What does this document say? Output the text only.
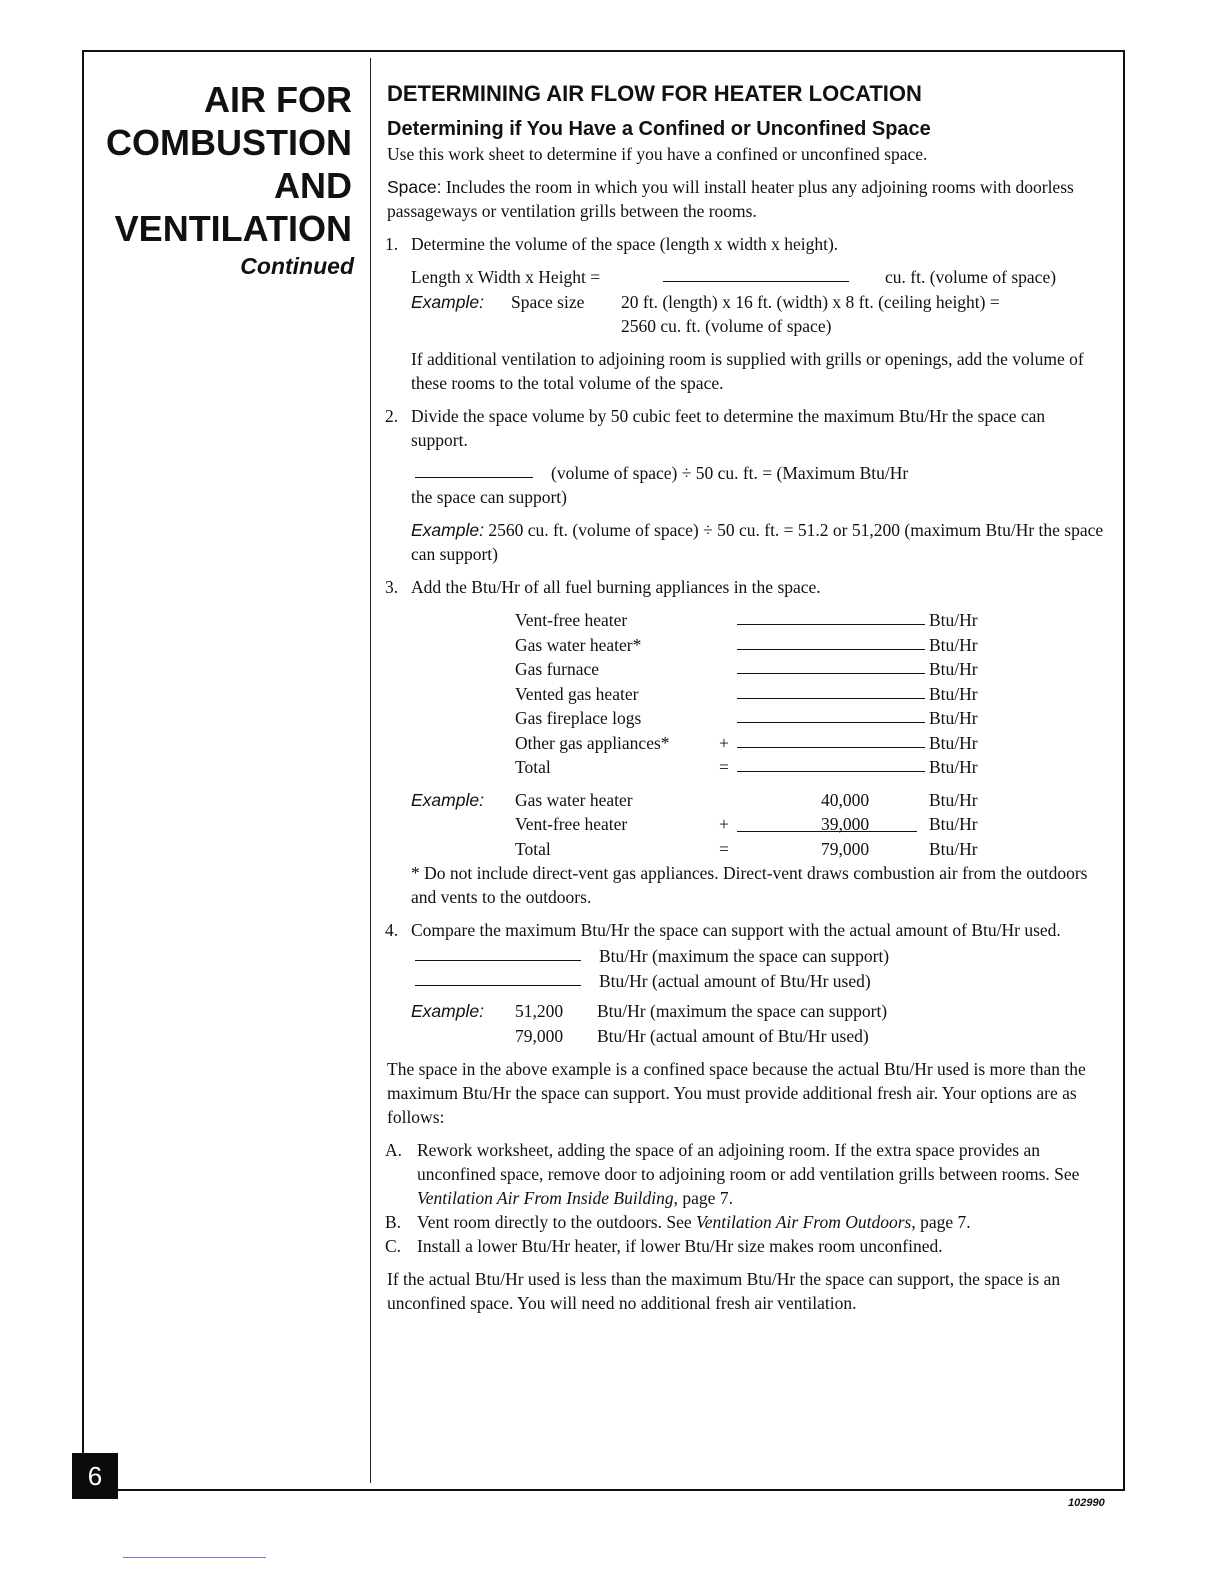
AIR FOR
COMBUSTION
AND
VENTILATION
Continued
DETERMINING AIR FLOW FOR HEATER LOCATION
Determining if You Have a Confined or Unconfined Space

Use this work sheet to determine if you have a confined or unconfined space.

Space: Includes the room in which you will install heater plus any adjoining rooms with doorless passageways or ventilation grills between the rooms.

1. Determine the volume of the space (length x width x height).

Length x Width x Height =	cu. ft. (volume of space)
Example: Space size 20 ft. (length) x 16 ft. (width) x 8 ft. (ceiling height) =
2560 cu. ft. (volume of space)

If additional ventilation to adjoining room is supplied with grills or openings, add the volume of these rooms to the total volume of the space.

2. Divide the space volume by 50 cubic feet to determine the maximum Btu/Hr the space can support.

(volume of space) ÷ 50 cu. ft. = (Maximum Btu/Hr

the space can support)

Example: 2560 cu. ft. (volume of space) ÷ 50 cu. ft. = 51.2 or 51,200 (maximum Btu/Hr the space can support)

3. Add the Btu/Hr of all fuel burning appliances in the space.

Vent-free heater	Btu/Hr
Gas water heater*	Btu/Hr
Gas furnace	Btu/Hr
Vented gas heater	Btu/Hr
Gas fireplace logs	Btu/Hr
Other gas appliances*	+	Btu/Hr
Total	=	Btu/Hr
Example: Gas water heater	40,000	Btu/Hr
Vent-free heater	+	39,000	Btu/Hr
Total	=	79,000	Btu/Hr

* Do not include direct-vent gas appliances. Direct-vent draws combustion air from the outdoors and vents to the outdoors.

4. Compare the maximum Btu/Hr the space can support with the actual amount of Btu/Hr used.

Btu/Hr (maximum the space can support)
Btu/Hr (actual amount of Btu/Hr used)
Example: 51,200 Btu/Hr (maximum the space can support)
79,000 Btu/Hr (actual amount of Btu/Hr used)

The space in the above example is a confined space because the actual Btu/Hr used is more than the maximum Btu/Hr the space can support. You must provide additional fresh air. Your options are as follows:

A. Rework worksheet, adding the space of an adjoining room. If the extra space provides an unconfined space, remove door to adjoining room or add ventilation grills between rooms. See Ventilation Air From Inside Building, page 7.

B. Vent room directly to the outdoors. See Ventilation Air From Outdoors, page 7.

C. Install a lower Btu/Hr heater, if lower Btu/Hr size makes room unconfined.

If the actual Btu/Hr used is less than the maximum Btu/Hr the space can support, the space is an unconfined space. You will need no additional fresh air ventilation.

6
102990
